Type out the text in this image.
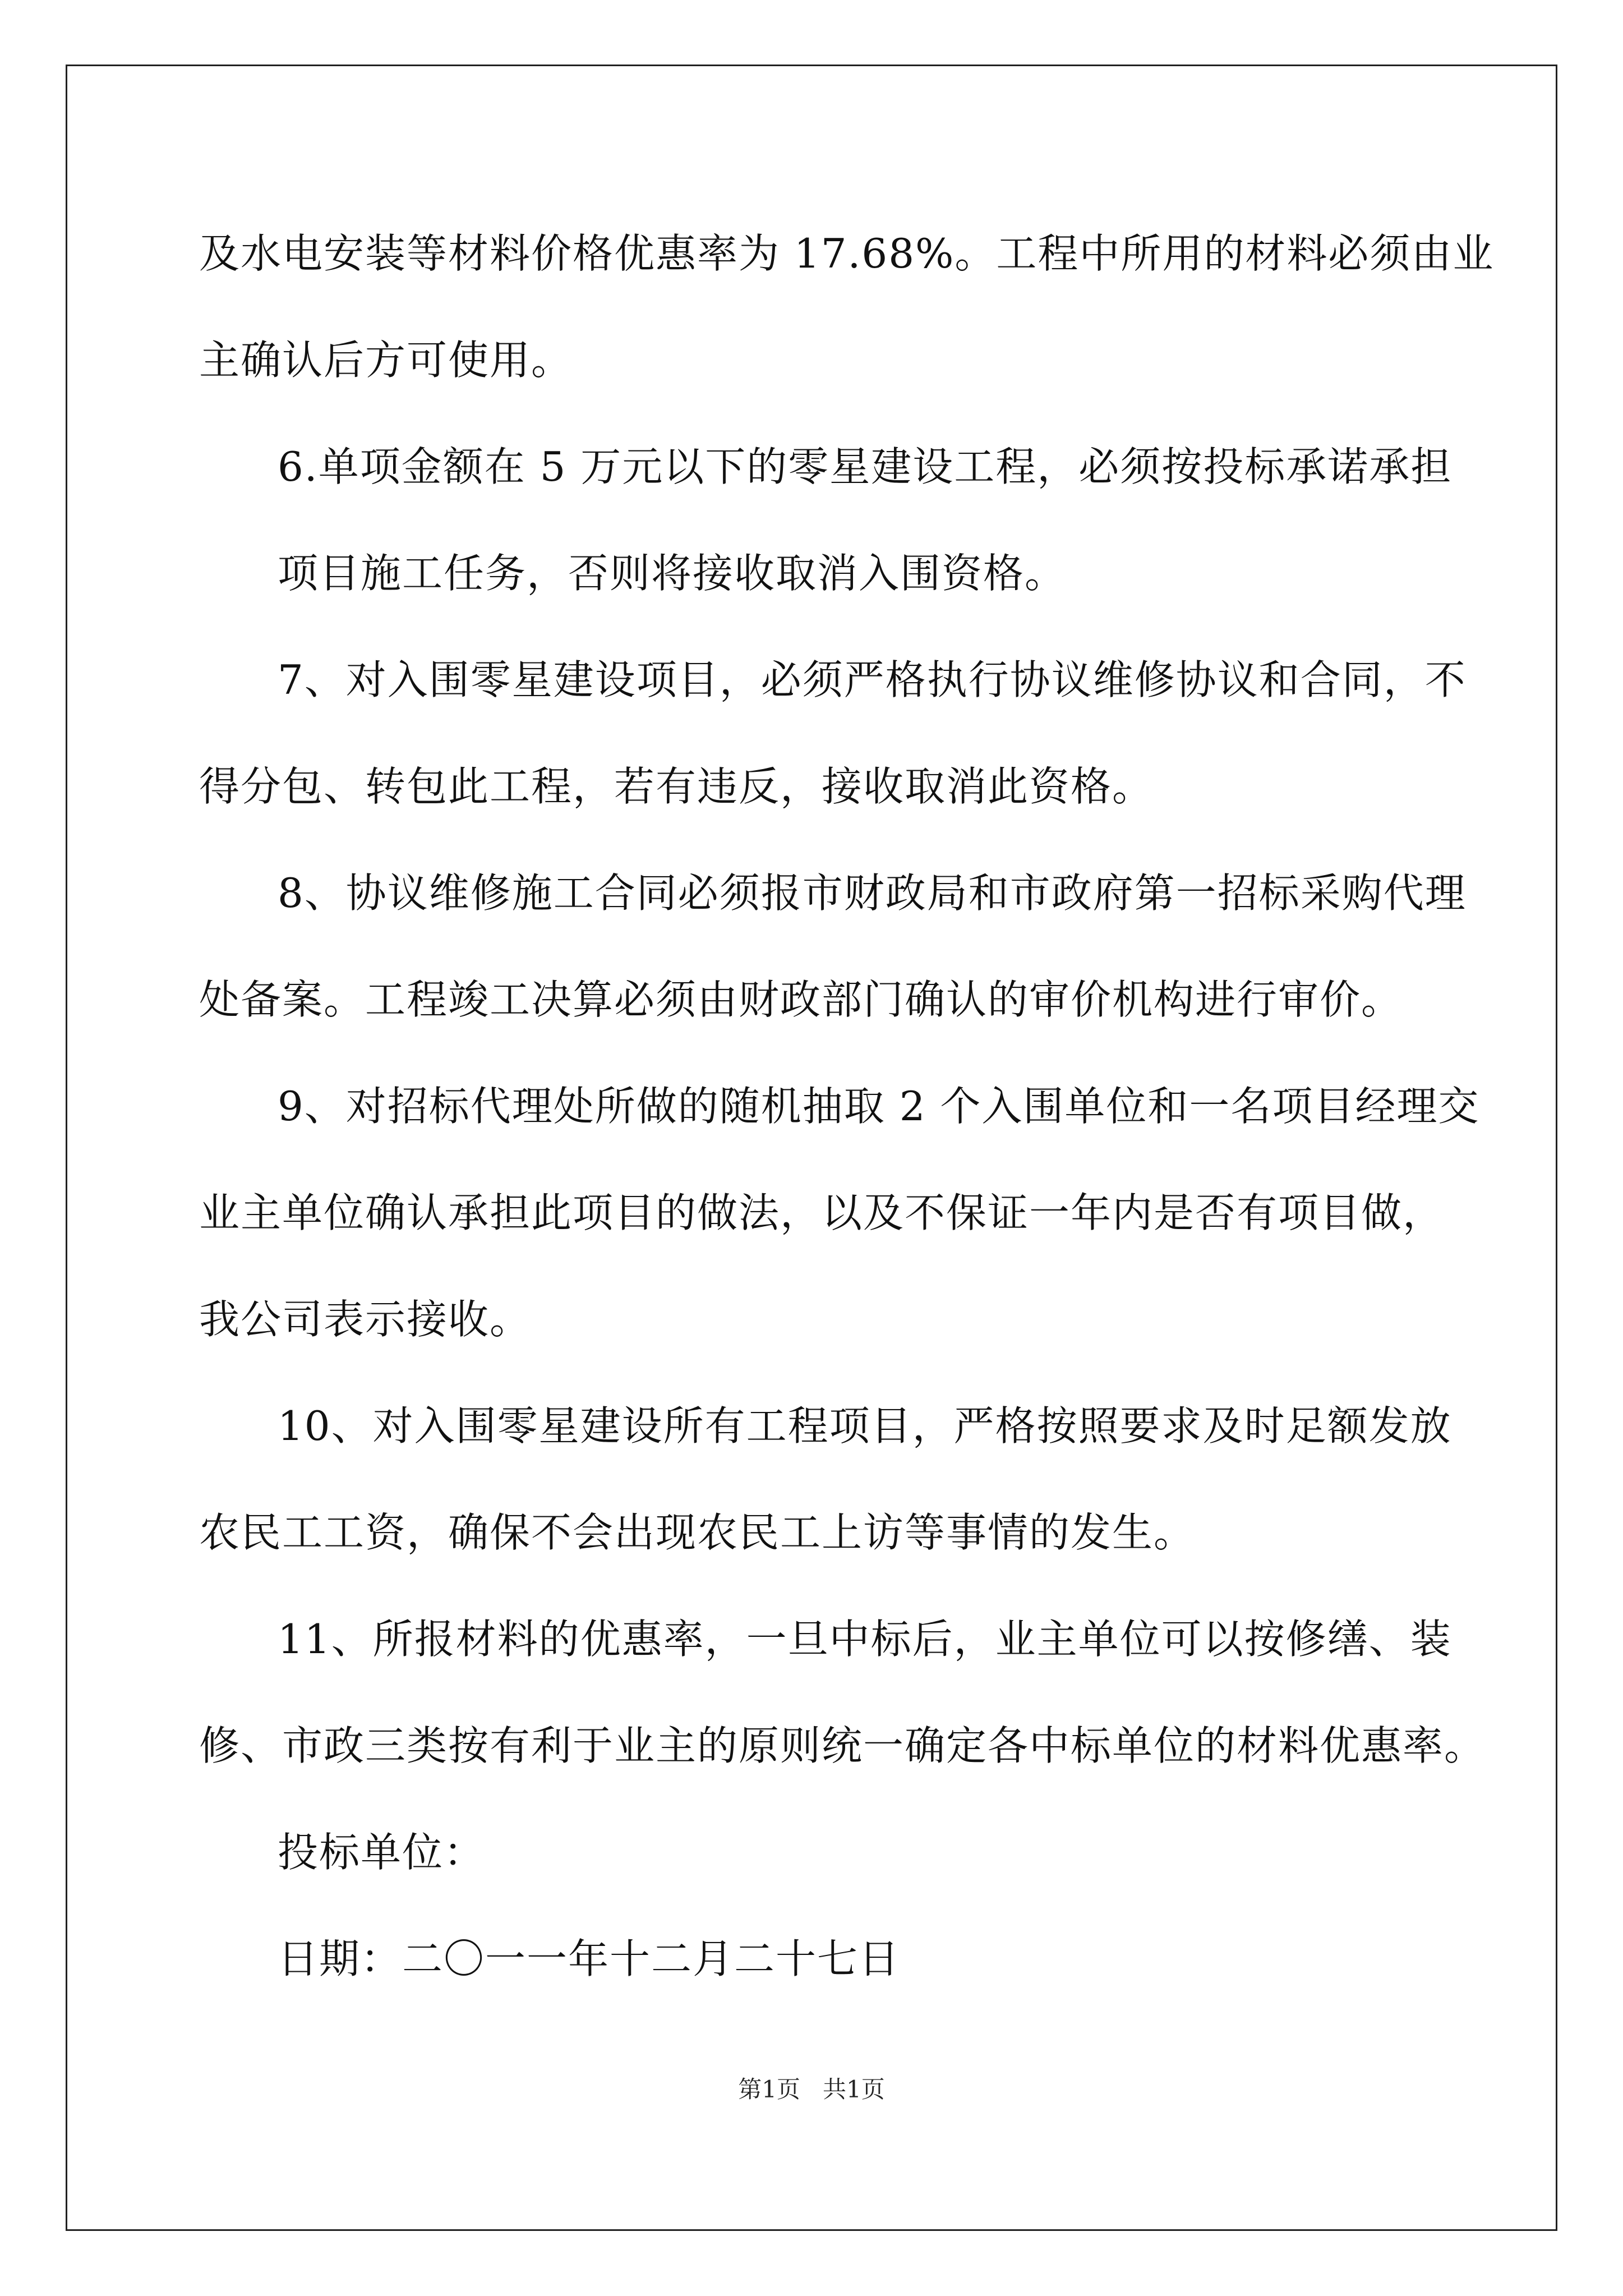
及水电安装等材料价格优惠率为 17.68%。工程中所用的材料必须由业

主确认后方可使用。

6.单项金额在 5 万元以下的零星建设工程，必须按投标承诺承担

项目施工任务，否则将接收取消入围资格。

7、对入围零星建设项目，必须严格执行协议维修协议和合同，不

得分包、转包此工程，若有违反，接收取消此资格。

8、协议维修施工合同必须报市财政局和市政府第一招标采购代理

处备案。工程竣工决算必须由财政部门确认的审价机构进行审价。

9、对招标代理处所做的随机抽取 2 个入围单位和一名项目经理交

业主单位确认承担此项目的做法，以及不保证一年内是否有项目做，

我公司表示接收。

10、对入围零星建设所有工程项目，严格按照要求及时足额发放

农民工工资，确保不会出现农民工上访等事情的发生。

11、所报材料的优惠率，一旦中标后，业主单位可以按修缮、装

修、市政三类按有利于业主的原则统一确定各中标单位的材料优惠率。

投标单位：

日期：二〇一一年十二月二十七日

第1页   共1页
